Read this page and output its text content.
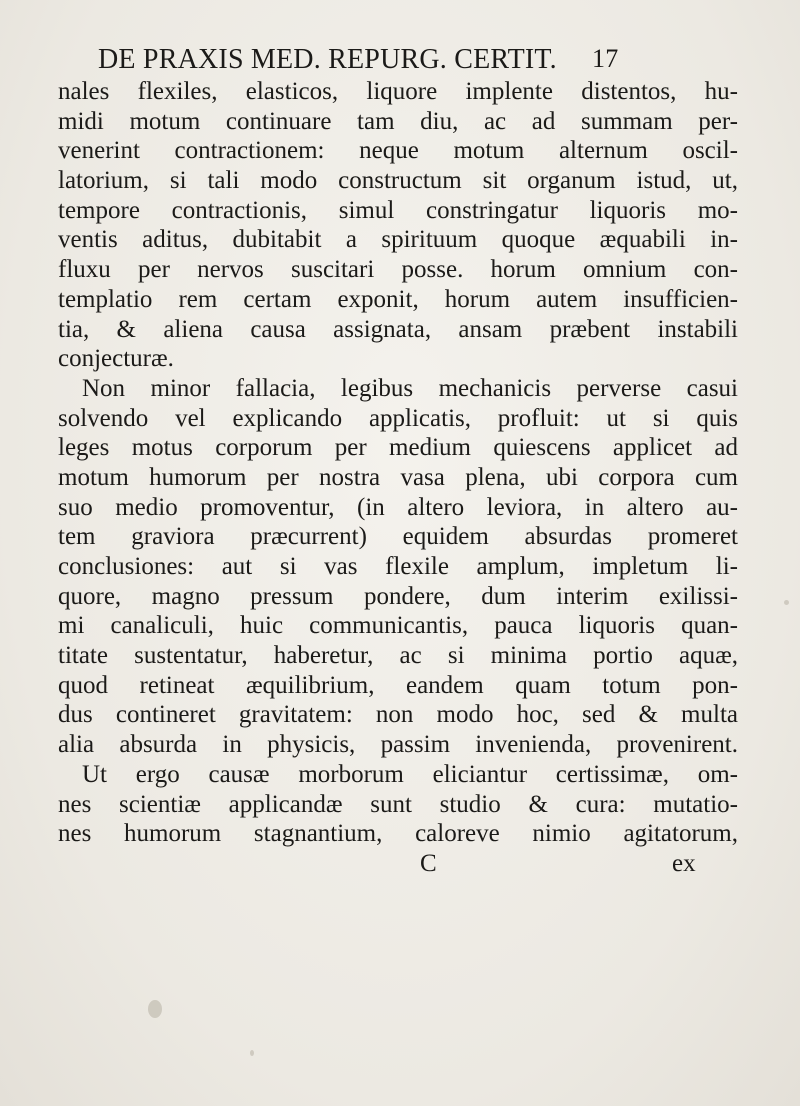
DE PRAXIS MED. REPURG. CERTIT. 17
nales flexiles, elasticos, liquore implente distentos, hu-
midi motum continuare tam diu, ac ad summam per-
venerint contractionem: neque motum alternum oscil-
latorium, si tali modo constructum sit organum istud, ut,
tempore contractionis, simul constringatur liquoris mo-
ventis aditus, dubitabit a spirituum quoque æquabili in-
fluxu per nervos suscitari posse. horum omnium con-
templatio rem certam exponit, horum autem insufficien-
tia, & aliena causa assignata, ansam præbent instabili
conjecturæ.
Non minor fallacia, legibus mechanicis perverse casui
solvendo vel explicando applicatis, profluit: ut si quis
leges motus corporum per medium quiescens applicet ad
motum humorum per nostra vasa plena, ubi corpora cum
suo medio promoventur, (in altero leviora, in altero au-
tem graviora præcurrent) equidem absurdas promeret
conclusiones: aut si vas flexile amplum, impletum li-
quore, magno pressum pondere, dum interim exilissi-
mi canaliculi, huic communicantis, pauca liquoris quan-
titate sustentatur, haberetur, ac si minima portio aquæ,
quod retineat æquilibrium, eandem quam totum pon-
dus contineret gravitatem: non modo hoc, sed & multa
alia absurda in physicis, passim invenienda, provenirent.
Ut ergo causæ morborum eliciantur certissimæ, om-
nes scientiæ applicandæ sunt studio & cura: mutatio-
nes humorum stagnantium, caloreve nimio agitatorum,
C	ex
